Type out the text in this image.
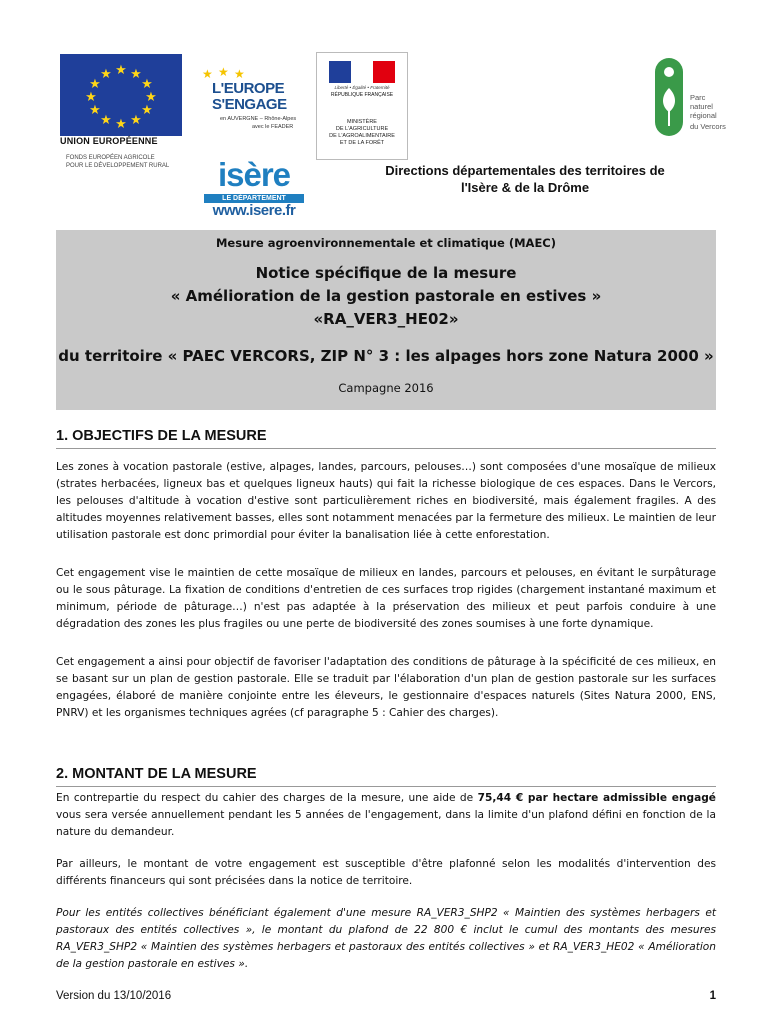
★ ★
★
★
★
★
★
★
★
★
★
★
UNION EUROPÉENNE
FONDS EUROPÉEN AGRICOLE
POUR LE DÉVELOPPEMENT RURAL
★ ★ ★
L'EUROPE
S'ENGAGE
en AUVERGNE – Rhône-Alpes
avec le FEADER
Liberté • Égalité • Fraternité
RÉPUBLIQUE FRANÇAISE
MINISTÈRE
DE L'AGRICULTURE
DE L'AGROALIMENTAIRE
ET DE LA FORÊT
Parc
naturel
régional
du Vercors
isère
LE DÉPARTEMENT
www.isere.fr
Directions départementales des territoires de
l'Isère & de la Drôme
Mesure agroenvironnementale et climatique (MAEC)
Notice spécifique de la mesure
« Amélioration de la gestion pastorale en estives »
«RA_VER3_HE02»
du territoire « PAEC VERCORS, ZIP N° 3 : les alpages hors zone Natura 2000 »
Campagne 2016
1. OBJECTIFS DE LA MESURE
Les zones à vocation pastorale (estive, alpages, landes, parcours, pelouses…) sont composées d'une mosaïque de milieux (strates herbacées, ligneux bas et quelques ligneux hauts) qui fait la richesse biologique de ces espaces. Dans le Vercors, les pelouses d'altitude à vocation d'estive sont particulièrement riches en biodiversité, mais également fragiles. A des altitudes moyennes relativement basses, elles sont notamment menacées par la fermeture des milieux. Le maintien de leur utilisation pastorale est donc primordial pour éviter la banalisation liée à cette enforestation.
Cet engagement vise le maintien de cette mosaïque de milieux en landes, parcours et pelouses, en évitant le surpâturage ou le sous pâturage. La fixation de conditions d'entretien de ces surfaces trop rigides (chargement instantané maximum et minimum, période de pâturage…) n'est pas adaptée à la préservation des milieux et peut parfois conduire à une dégradation des zones les plus fragiles ou une perte de biodiversité des zones soumises à une forte dynamique.
Cet engagement a ainsi pour objectif de favoriser l'adaptation des conditions de pâturage à la spécificité de ces milieux, en se basant sur un plan de gestion pastorale. Elle se traduit par l'élaboration d'un plan de gestion pastorale sur les surfaces engagées, élaboré de manière conjointe entre les éleveurs, le gestionnaire d'espaces naturels (Sites Natura 2000, ENS, PNRV) et les organismes techniques agrées (cf paragraphe 5 : Cahier des charges).
2. MONTANT DE LA MESURE
En contrepartie du respect du cahier des charges de la mesure, une aide de 75,44 € par hectare admissible engagé vous sera versée annuellement pendant les 5 années de l'engagement, dans la limite d'un plafond défini en fonction de la nature du demandeur.
Par ailleurs, le montant de votre engagement est susceptible d'être plafonné selon les modalités d'intervention des différents financeurs qui sont précisées dans la notice de territoire.
Pour les entités collectives bénéficiant également d'une mesure RA_VER3_SHP2 « Maintien des systèmes herbagers et pastoraux des entités collectives », le montant du plafond de 22 800 € inclut le cumul des montants des mesures RA_VER3_SHP2 « Maintien des systèmes herbagers et pastoraux des entités collectives » et RA_VER3_HE02 « Amélioration de la gestion pastorale en estives ».
Version du 13/10/2016	1
